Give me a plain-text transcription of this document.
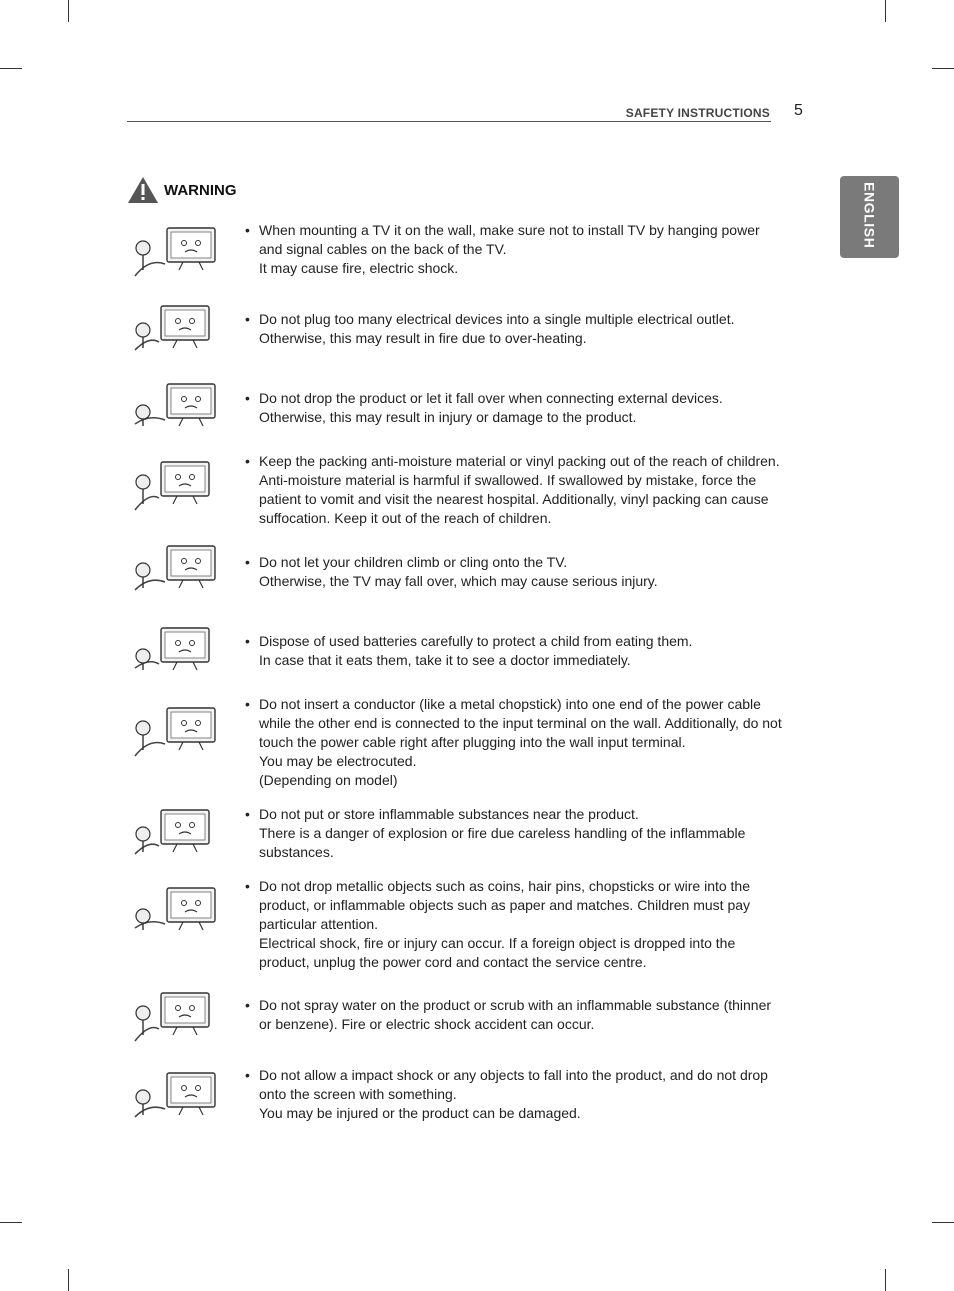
SAFETY INSTRUCTIONS 5
ENGLISH
WARNING
• When mounting a TV it on the wall, make sure not to install TV by hanging power
and signal cables on the back of the TV.
It may cause fire, electric shock.
• Do not plug too many electrical devices into a single multiple electrical outlet.
Otherwise, this may result in fire due to over-heating.
• Do not drop the product or let it fall over when connecting external devices.
Otherwise, this may result in injury or damage to the product.
• Keep the packing anti-moisture material or vinyl packing out of the reach of children.
Anti-moisture material is harmful if swallowed. If swallowed by mistake, force the
patient to vomit and visit the nearest hospital. Additionally, vinyl packing can cause
suffocation. Keep it out of the reach of children.
• Do not let your children climb or cling onto the TV.
Otherwise, the TV may fall over, which may cause serious injury.
• Dispose of used batteries carefully to protect a child from eating them.
In case that it eats them, take it to see a doctor immediately.
• Do not insert a conductor (like a metal chopstick) into one end of the power cable
while the other end is connected to the input terminal on the wall. Additionally, do not
touch the power cable right after plugging into the wall input terminal.
You may be electrocuted.
(Depending on model)
• Do not put or store inflammable substances near the product.
There is a danger of explosion or fire due careless handling of the inflammable
substances.
• Do not drop metallic objects such as coins, hair pins, chopsticks or wire into the
product, or inflammable objects such as paper and matches. Children must pay
particular attention.
Electrical shock, fire or injury can occur. If a foreign object is dropped into the
product, unplug the power cord and contact the service centre.
• Do not spray water on the product or scrub with an inflammable substance (thinner
or benzene). Fire or electric shock accident can occur.
• Do not allow a impact shock or any objects to fall into the product, and do not drop
onto the screen with something.
You may be injured or the product can be damaged.
